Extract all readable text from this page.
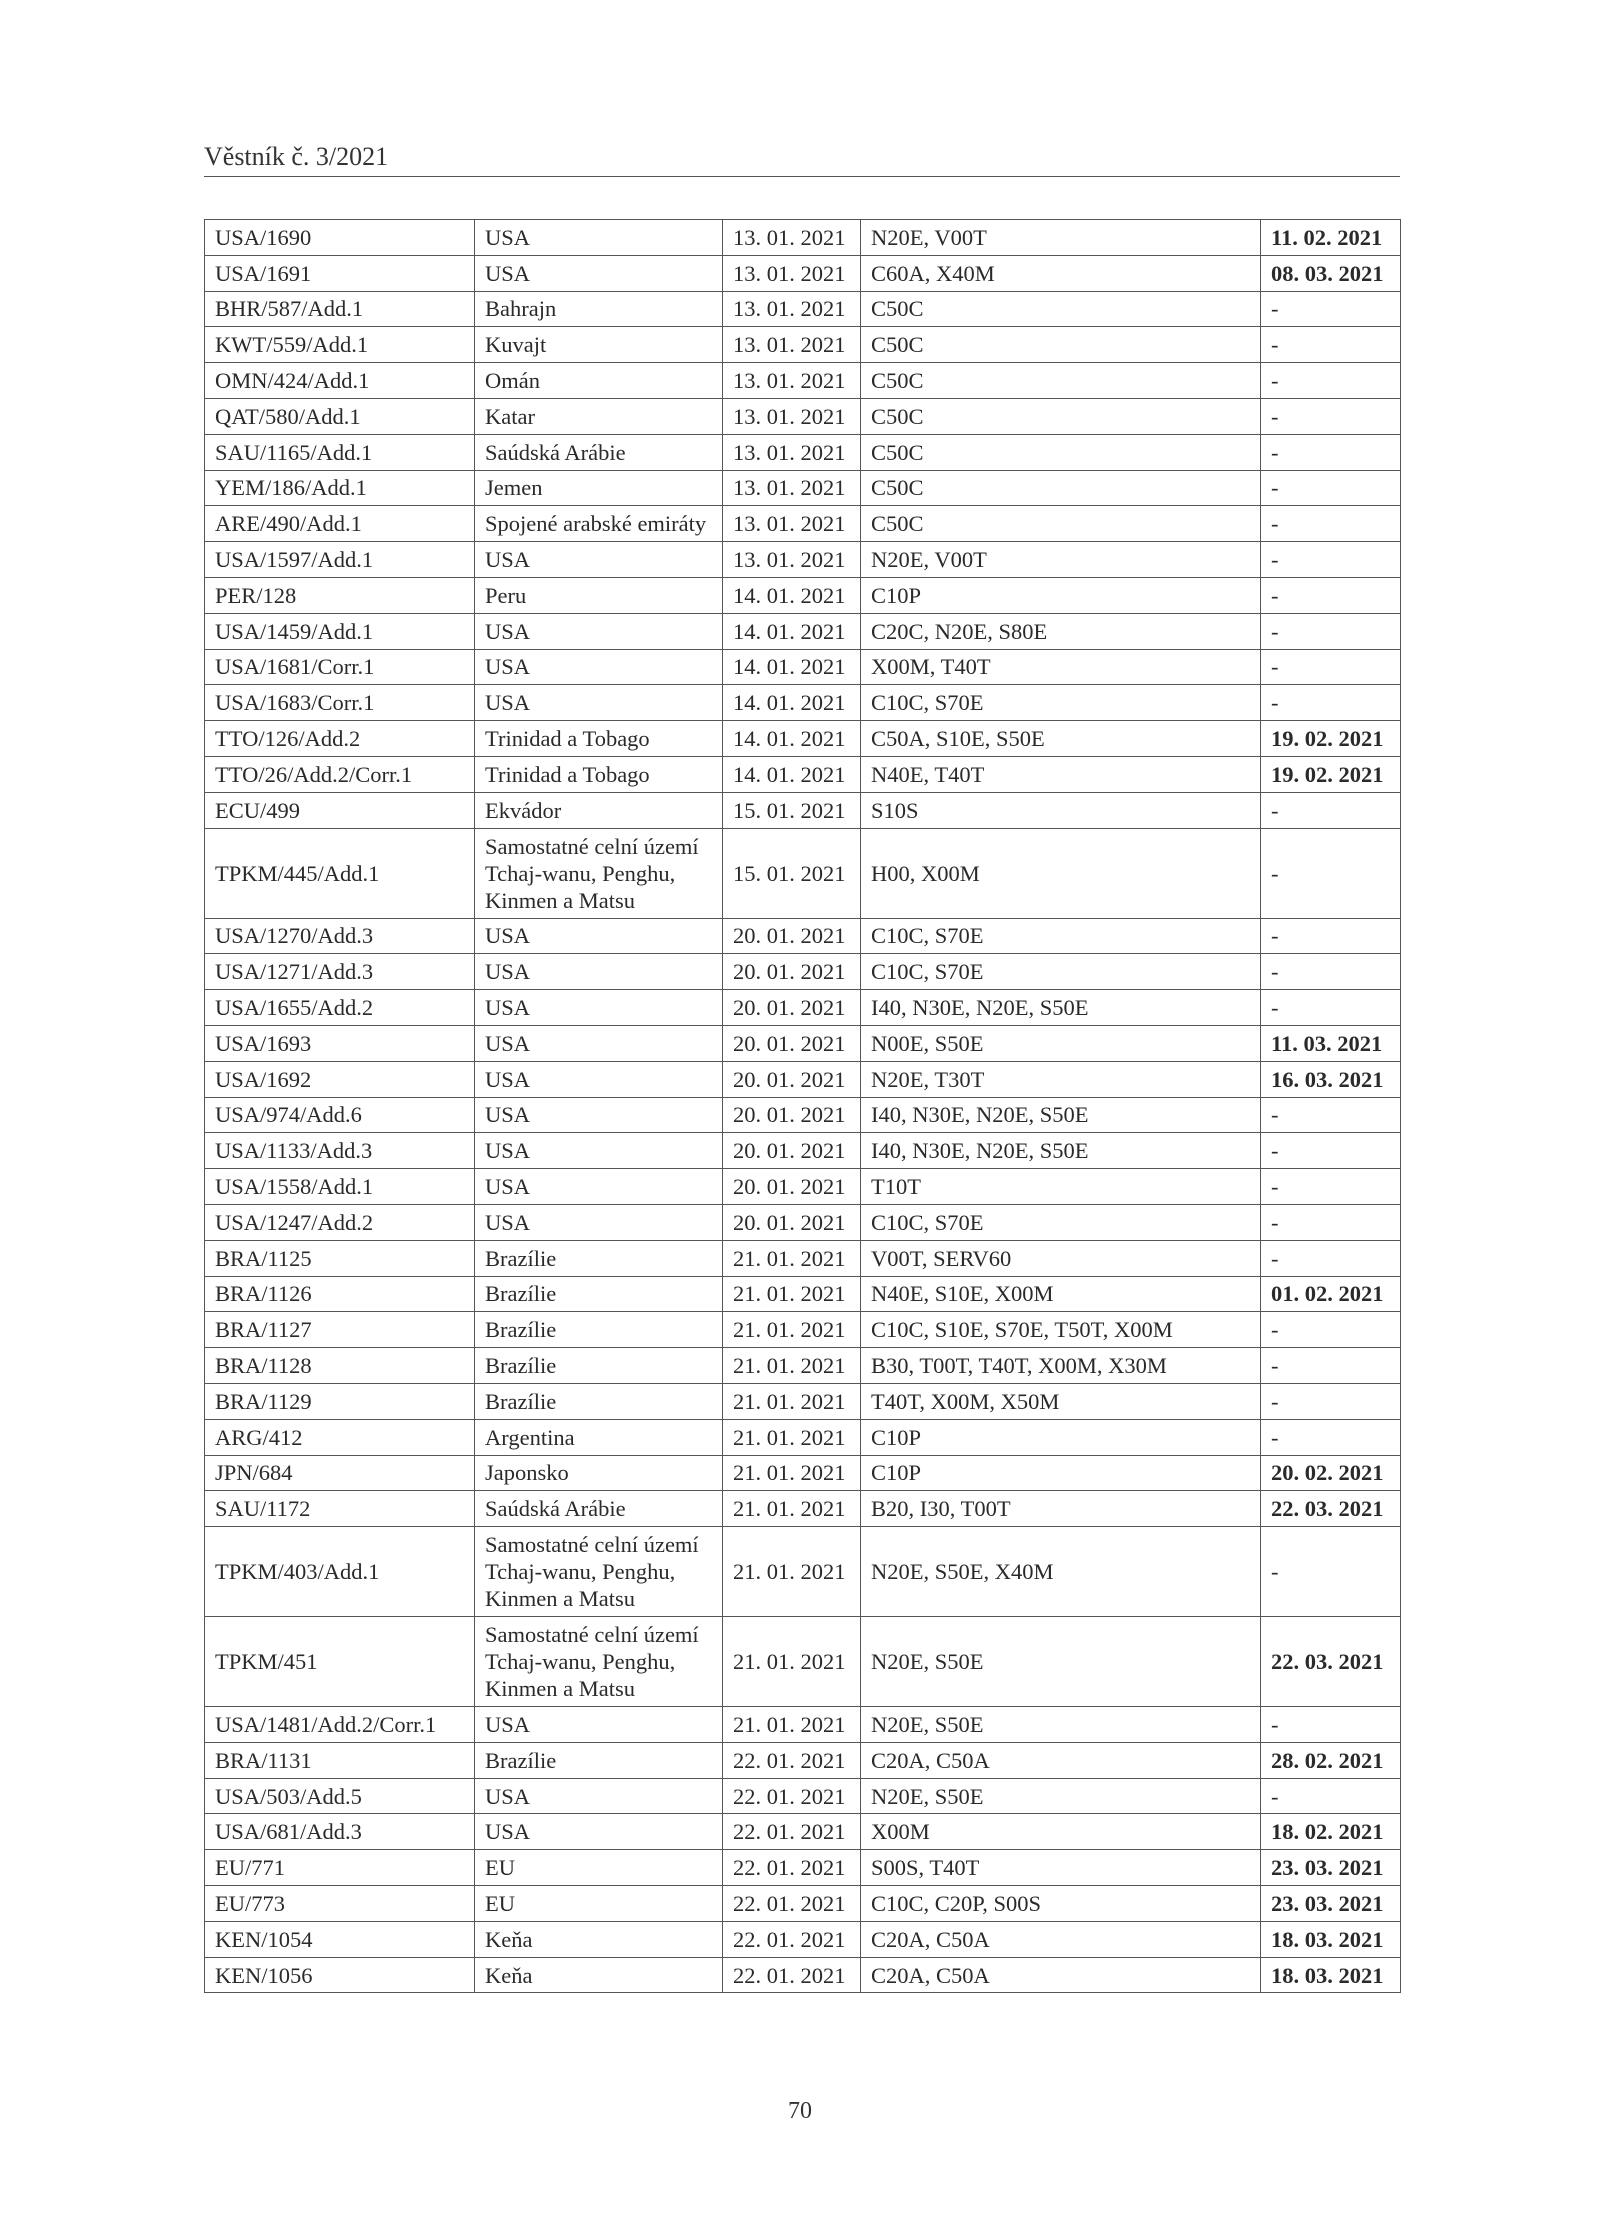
Věstník č. 3/2021
USA/1690	USA	13. 01. 2021	N20E, V00T	11. 02. 2021
USA/1691	USA	13. 01. 2021	C60A, X40M	08. 03. 2021
BHR/587/Add.1	Bahrajn	13. 01. 2021	C50C	-
KWT/559/Add.1	Kuvajt	13. 01. 2021	C50C	-
OMN/424/Add.1	Omán	13. 01. 2021	C50C	-
QAT/580/Add.1	Katar	13. 01. 2021	C50C	-
SAU/1165/Add.1	Saúdská Arábie	13. 01. 2021	C50C	-
YEM/186/Add.1	Jemen	13. 01. 2021	C50C	-
ARE/490/Add.1	Spojené arabské emiráty	13. 01. 2021	C50C	-
USA/1597/Add.1	USA	13. 01. 2021	N20E, V00T	-
PER/128	Peru	14. 01. 2021	C10P	-
USA/1459/Add.1	USA	14. 01. 2021	C20C, N20E, S80E	-
USA/1681/Corr.1	USA	14. 01. 2021	X00M, T40T	-
USA/1683/Corr.1	USA	14. 01. 2021	C10C, S70E	-
TTO/126/Add.2	Trinidad a Tobago	14. 01. 2021	C50A, S10E, S50E	19. 02. 2021
TTO/26/Add.2/Corr.1	Trinidad a Tobago	14. 01. 2021	N40E, T40T	19. 02. 2021
ECU/499	Ekvádor	15. 01. 2021	S10S	-
TPKM/445/Add.1	Samostatné celní území Tchaj-wanu, Penghu, Kinmen a Matsu	15. 01. 2021	H00, X00M	-
USA/1270/Add.3	USA	20. 01. 2021	C10C, S70E	-
USA/1271/Add.3	USA	20. 01. 2021	C10C, S70E	-
USA/1655/Add.2	USA	20. 01. 2021	I40, N30E, N20E, S50E	-
USA/1693	USA	20. 01. 2021	N00E, S50E	11. 03. 2021
USA/1692	USA	20. 01. 2021	N20E, T30T	16. 03. 2021
USA/974/Add.6	USA	20. 01. 2021	I40, N30E, N20E, S50E	-
USA/1133/Add.3	USA	20. 01. 2021	I40, N30E, N20E, S50E	-
USA/1558/Add.1	USA	20. 01. 2021	T10T	-
USA/1247/Add.2	USA	20. 01. 2021	C10C, S70E	-
BRA/1125	Brazílie	21. 01. 2021	V00T, SERV60	-
BRA/1126	Brazílie	21. 01. 2021	N40E, S10E, X00M	01. 02. 2021
BRA/1127	Brazílie	21. 01. 2021	C10C, S10E, S70E, T50T, X00M	-
BRA/1128	Brazílie	21. 01. 2021	B30, T00T, T40T, X00M, X30M	-
BRA/1129	Brazílie	21. 01. 2021	T40T, X00M, X50M	-
ARG/412	Argentina	21. 01. 2021	C10P	-
JPN/684	Japonsko	21. 01. 2021	C10P	20. 02. 2021
SAU/1172	Saúdská Arábie	21. 01. 2021	B20, I30, T00T	22. 03. 2021
TPKM/403/Add.1	Samostatné celní území Tchaj-wanu, Penghu, Kinmen a Matsu	21. 01. 2021	N20E, S50E, X40M	-
TPKM/451	Samostatné celní území Tchaj-wanu, Penghu, Kinmen a Matsu	21. 01. 2021	N20E, S50E	22. 03. 2021
USA/1481/Add.2/Corr.1	USA	21. 01. 2021	N20E, S50E	-
BRA/1131	Brazílie	22. 01. 2021	C20A, C50A	28. 02. 2021
USA/503/Add.5	USA	22. 01. 2021	N20E, S50E	-
USA/681/Add.3	USA	22. 01. 2021	X00M	18. 02. 2021
EU/771	EU	22. 01. 2021	S00S, T40T	23. 03. 2021
EU/773	EU	22. 01. 2021	C10C, C20P, S00S	23. 03. 2021
KEN/1054	Keňa	22. 01. 2021	C20A, C50A	18. 03. 2021
KEN/1056	Keňa	22. 01. 2021	C20A, C50A	18. 03. 2021
70
